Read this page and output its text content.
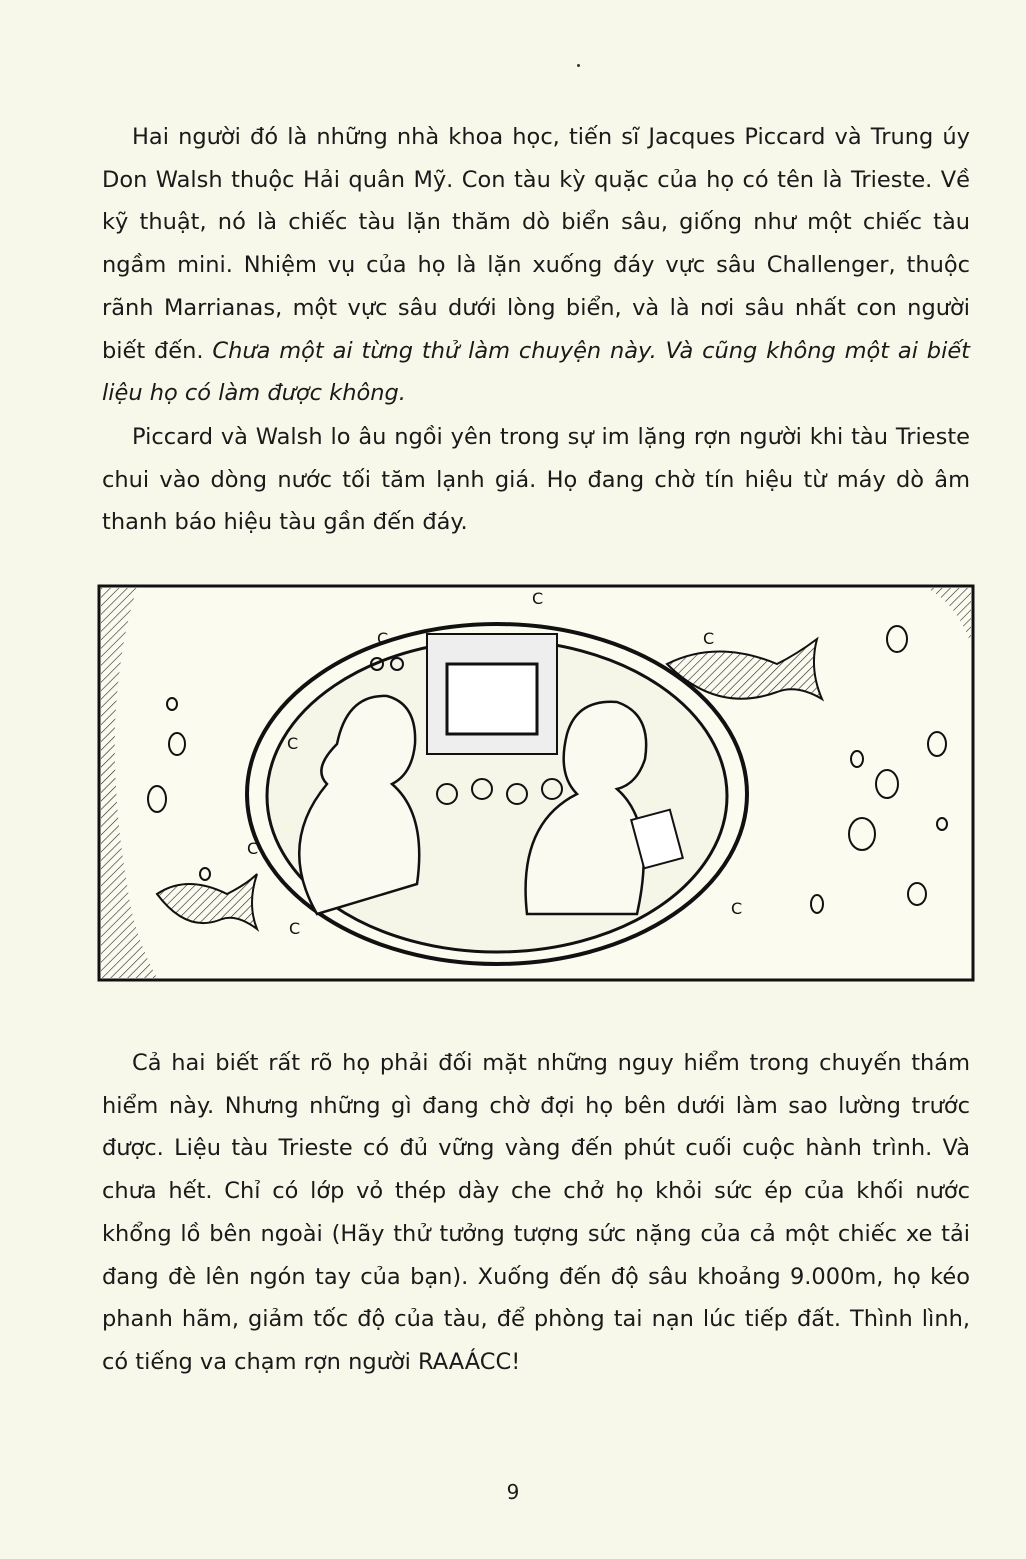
Hai người đó là những nhà khoa học, tiến sĩ Jacques Piccard và Trung úy Don Walsh thuộc Hải quân Mỹ. Con tàu kỳ quặc của họ có tên là Trieste. Về kỹ thuật, nó là chiếc tàu lặn thăm dò biển sâu, giống như một chiếc tàu ngầm mini. Nhiệm vụ của họ là lặn xuống đáy vực sâu Challenger, thuộc rãnh Marrianas, một vực sâu dưới lòng biển, và là nơi sâu nhất con người biết đến. Chưa một ai từng thử làm chuyện này. Và cũng không một ai biết liệu họ có làm được không.

Piccard và Walsh lo âu ngồi yên trong sự im lặng rợn người khi tàu Trieste chui vào dòng nước tối tăm lạnh giá. Họ đang chờ tín hiệu từ máy dò âm thanh báo hiệu tàu gần đến đáy.

C
C
C
C
C
C
C

Cả hai biết rất rõ họ phải đối mặt những nguy hiểm trong chuyến thám hiểm này. Nhưng những gì đang chờ đợi họ bên dưới làm sao lường trước được. Liệu tàu Trieste có đủ vững vàng đến phút cuối cuộc hành trình. Và chưa hết. Chỉ có lớp vỏ thép dày che chở họ khỏi sức ép của khối nước khổng lồ bên ngoài (Hãy thử tưởng tượng sức nặng của cả một chiếc xe tải đang đè lên ngón tay của bạn). Xuống đến độ sâu khoảng 9.000m, họ kéo phanh hãm, giảm tốc độ của tàu, để phòng tai nạn lúc tiếp đất. Thình lình, có tiếng va chạm rợn người RAAÁCC!

9
